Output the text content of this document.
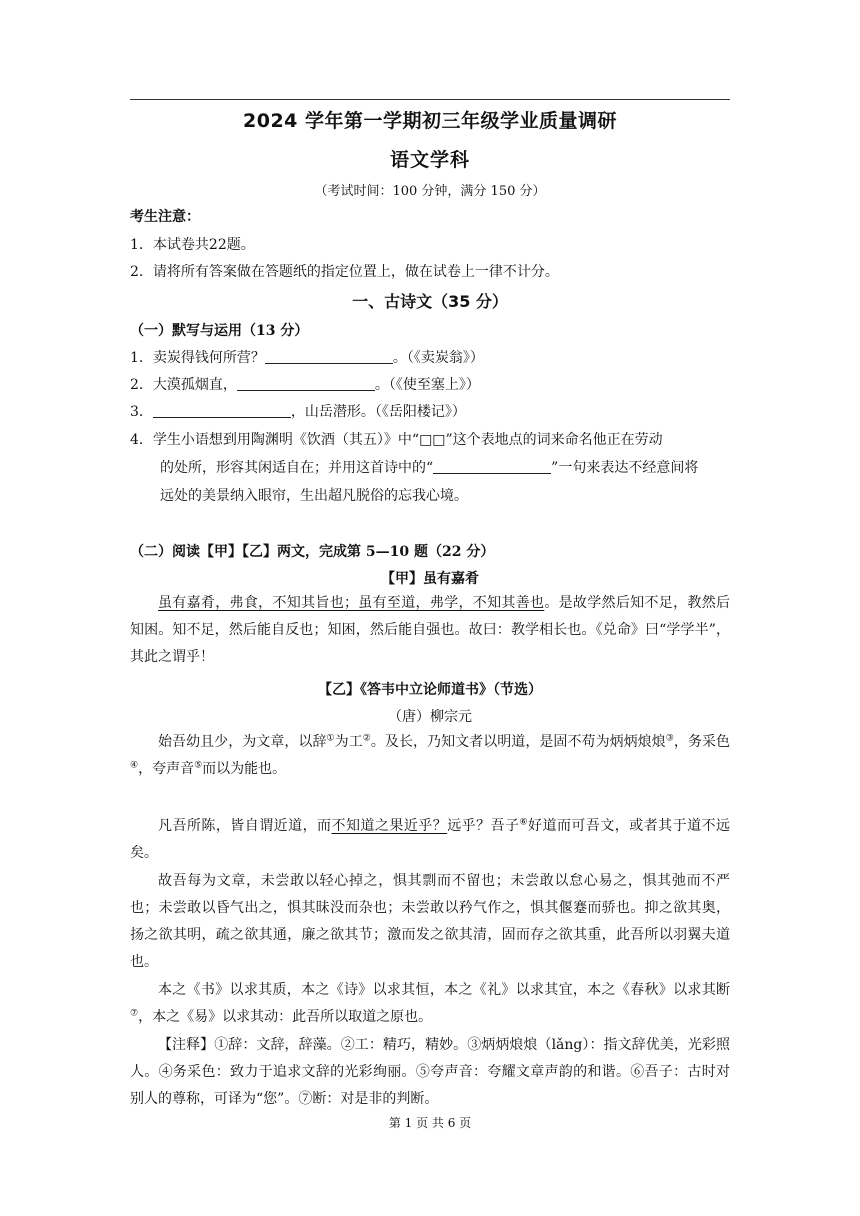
2024 学年第一学期初三年级学业质量调研
语文学科
（考试时间：100 分钟，满分 150 分）
考生注意：
1．本试卷共22题。
2．请将所有答案做在答题纸的指定位置上，做在试卷上一律不计分。
一、古诗文（35 分）
（一）默写与运用（13 分）
1．卖炭得钱何所营？	。（《卖炭翁》）
2．大漠孤烟直，	。（《使至塞上》）
3．	，山岳潜形。（《岳阳楼记》）
4．学生小语想到用陶渊明《饮酒（其五）》中“□□”这个表地点的词来命名他正在劳动
的处所，形容其闲适自在；并用这首诗中的“	”一句来表达不经意间将
远处的美景纳入眼帘，生出超凡脱俗的忘我心境。
（二）阅读【甲】【乙】两文，完成第 5—10 题（22 分）
【甲】虽有嘉肴

虽有嘉肴，弗食，不知其旨也；虽有至道，弗学，不知其善也。是故学然后知不足，教然后知困。知不足，然后能自反也；知困，然后能自强也。故曰：教学相长也。《兑命》曰“学学半”，其此之谓乎！

【乙】《答韦中立论师道书》（节选）
（唐）柳宗元

始吾幼且少，为文章，以辞①为工②。及长，乃知文者以明道，是固不苟为炳炳烺烺③，务采色④，夸声音⑤而以为能也。

凡吾所陈，皆自谓近道，而不知道之果近乎？远乎？吾子⑥好道而可吾文，或者其于道不远矣。

故吾每为文章，未尝敢以轻心掉之，惧其剽而不留也；未尝敢以怠心易之，惧其弛而不严也；未尝敢以昏气出之，惧其昧没而杂也；未尝敢以矜气作之，惧其偃蹇而骄也。抑之欲其奥，扬之欲其明，疏之欲其通，廉之欲其节；激而发之欲其清，固而存之欲其重，此吾所以羽翼夫道也。

本之《书》以求其质，本之《诗》以求其恒，本之《礼》以求其宜，本之《春秋》以求其断⑦，本之《易》以求其动：此吾所以取道之原也。

【注释】①辞：文辞，辞藻。②工：精巧，精妙。③炳炳烺烺（lǎng）：指文辞优美，光彩照人。④务采色：致力于追求文辞的光彩绚丽。⑤夸声音：夸耀文章声韵的和谐。⑥吾子：古时对别人的尊称，可译为“您”。⑦断：对是非的判断。

第 1 页 共 6 页
